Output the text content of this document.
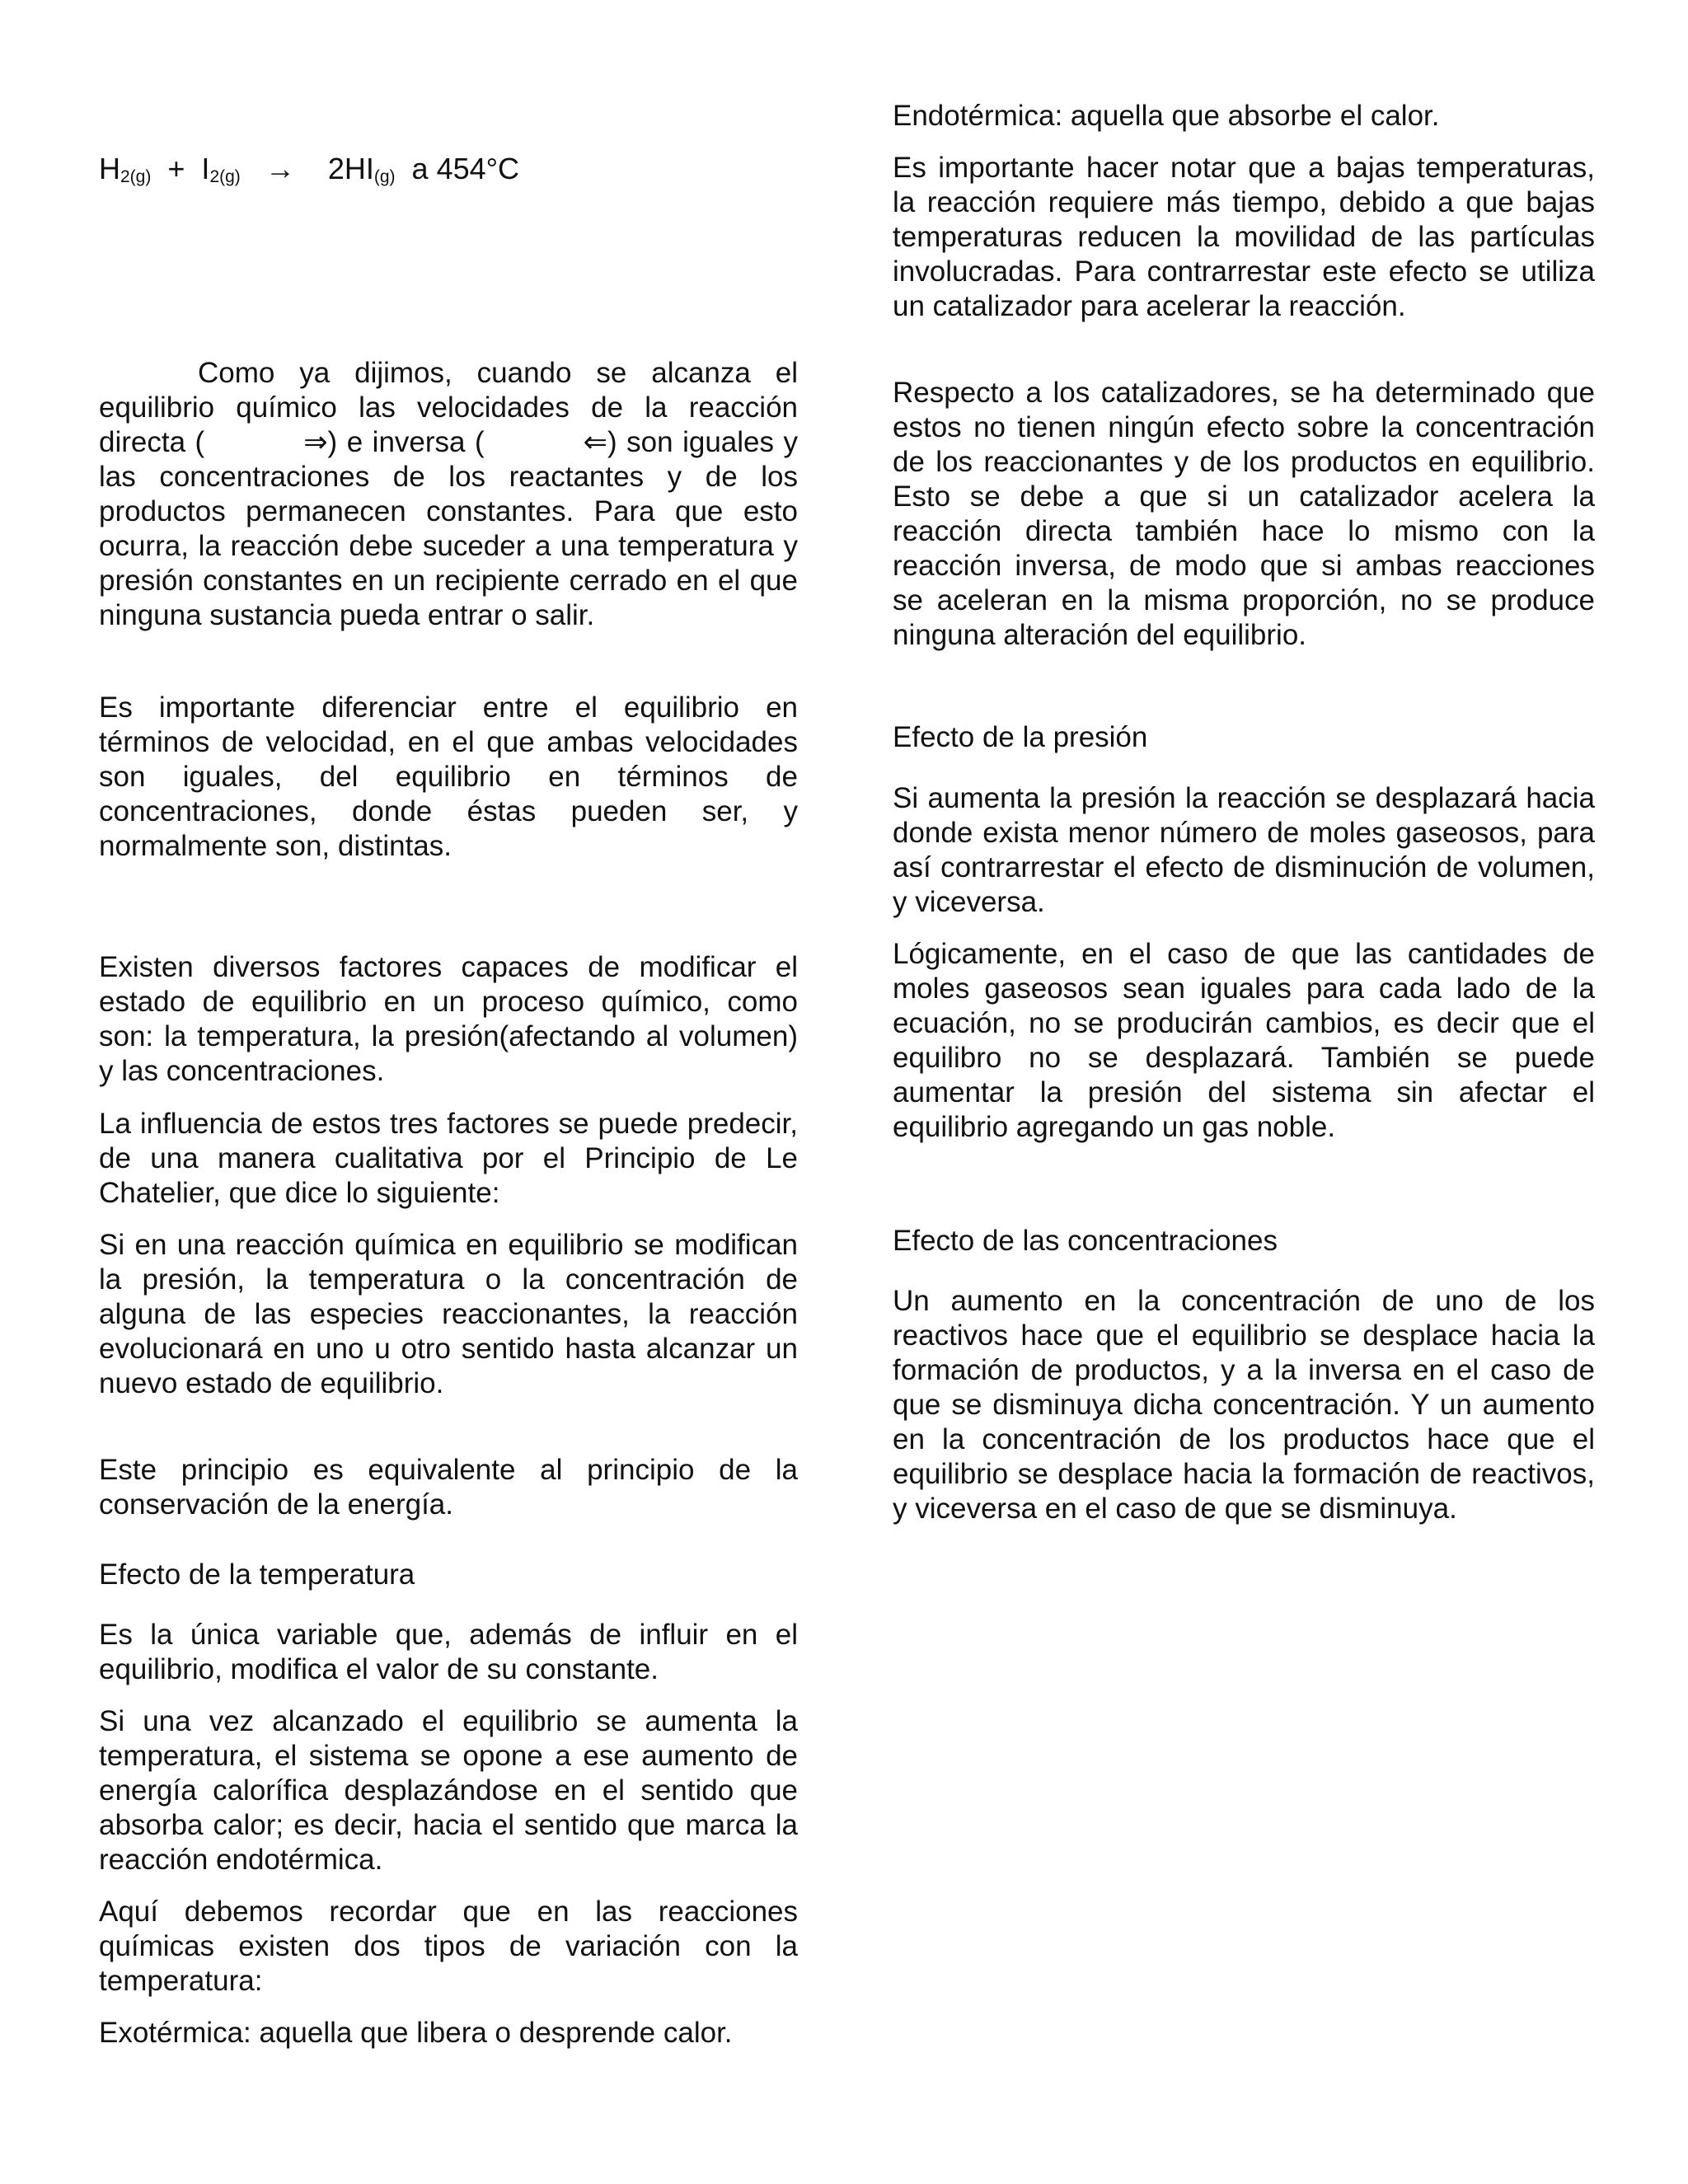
$H_{2(g)} + I_{2(g)} \to 2HI_{(g)}$ a 454°C

Como ya dijimos, cuando se alcanza el equilibrio químico las velocidades de la reacción directa (	⇒) e inversa (	⇐) son iguales y las concentraciones de los reactantes y de los productos permanecen constantes. Para que esto ocurra, la reacción debe suceder a una temperatura y presión constantes en un recipiente cerrado en el que ninguna sustancia pueda entrar o salir.

Es importante diferenciar entre el equilibrio en términos de velocidad, en el que ambas velocidades son iguales, del equilibrio en términos de concentraciones, donde éstas pueden ser, y normalmente son, distintas.

Existen diversos factores capaces de modificar el estado de equilibrio en un proceso químico, como son: la temperatura, la presión(afectando al volumen) y las concentraciones.

La influencia de estos tres factores se puede predecir, de una manera cualitativa por el Principio de Le Chatelier, que dice lo siguiente:

Si en una reacción química en equilibrio se modifican la presión, la temperatura o la concentración de alguna de las especies reaccionantes, la reacción evolucionará en uno u otro sentido hasta alcanzar un nuevo estado de equilibrio.

Este principio es equivalente al principio de la conservación de la energía.

Efecto de la temperatura

Es la única variable que, además de influir en el equilibrio, modifica el valor de su constante.

Si una vez alcanzado el equilibrio se aumenta la temperatura, el sistema se opone a ese aumento de energía calorífica desplazándose en el sentido que absorba calor; es decir, hacia el sentido que marca la reacción endotérmica.

Aquí debemos recordar que en las reacciones químicas existen dos tipos de variación con la temperatura:

Exotérmica: aquella que libera o desprende calor.

Endotérmica: aquella que absorbe el calor.

Es importante hacer notar que a bajas temperaturas, la reacción requiere más tiempo, debido a que bajas temperaturas reducen la movilidad de las partículas involucradas. Para contrarrestar este efecto se utiliza un catalizador para acelerar la reacción.

Respecto a los catalizadores, se ha determinado que estos no tienen ningún efecto sobre la concentración de los reaccionantes y de los productos en equilibrio. Esto se debe a que si un catalizador acelera la reacción directa también hace lo mismo con la reacción inversa, de modo que si ambas reacciones se aceleran en la misma proporción, no se produce ninguna alteración del equilibrio.

Efecto de la presión

Si aumenta la presión la reacción se desplazará hacia donde exista menor número de moles gaseosos, para así contrarrestar el efecto de disminución de volumen, y viceversa.

Lógicamente, en el caso de que las cantidades de moles gaseosos sean iguales para cada lado de la ecuación, no se producirán cambios, es decir que el equilibro no se desplazará. También se puede aumentar la presión del sistema sin afectar el equilibrio agregando un gas noble.

Efecto de las concentraciones

Un aumento en la concentración de uno de los reactivos hace que el equilibrio se desplace hacia la formación de productos, y a la inversa en el caso de que se disminuya dicha concentración. Y un aumento en la concentración de los productos hace que el equilibrio se desplace hacia la formación de reactivos, y viceversa en el caso de que se disminuya.
